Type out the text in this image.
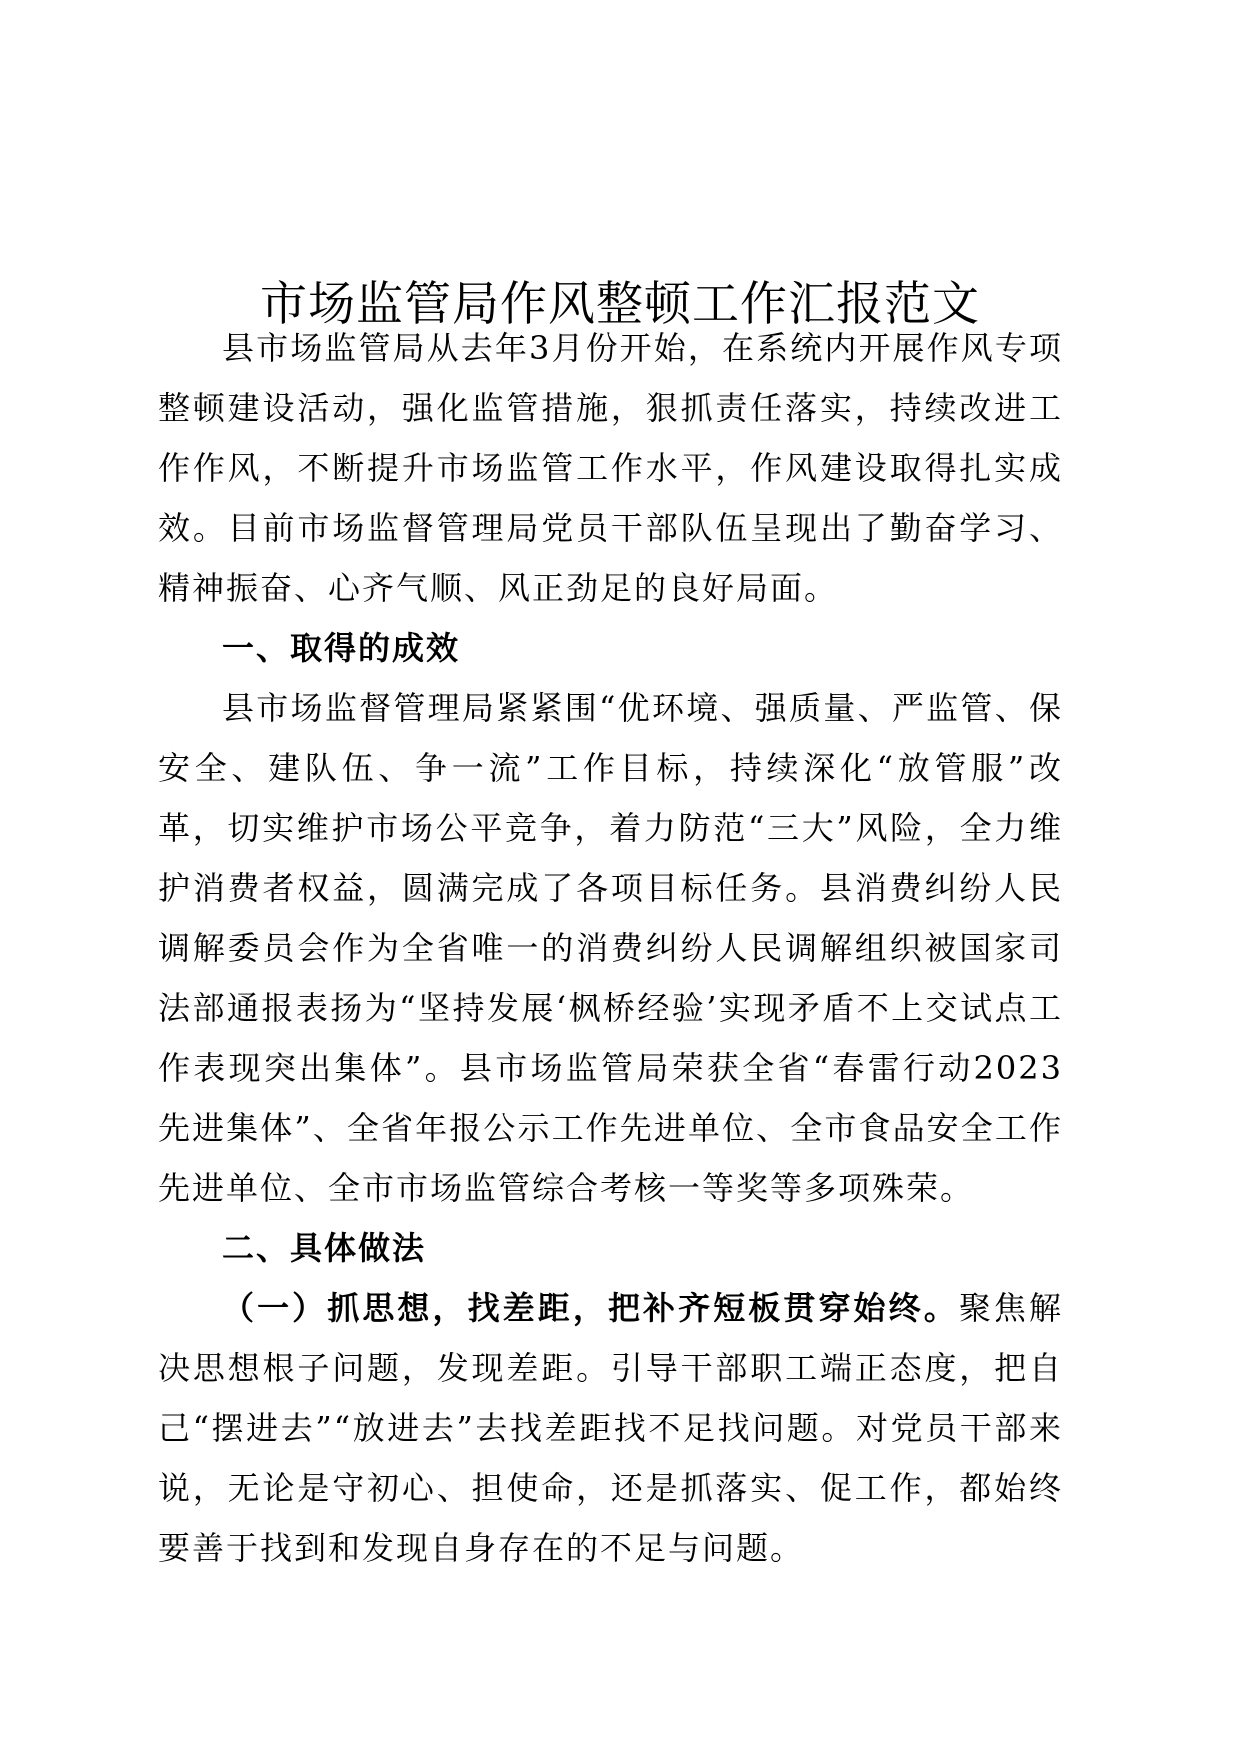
市场监管局作风整顿工作汇报范文

县市场监管局从去年3月份开始，在系统内开展作风专项整顿建设活动，强化监管措施，狠抓责任落实，持续改进工作作风，不断提升市场监管工作水平，作风建设取得扎实成效。目前市场监督管理局党员干部队伍呈现出了勤奋学习、精神振奋、心齐气顺、风正劲足的良好局面。

一、取得的成效

县市场监督管理局紧紧围“优环境、强质量、严监管、保安全、建队伍、争一流”工作目标，持续深化“放管服”改革，切实维护市场公平竞争，着力防范“三大”风险，全力维护消费者权益，圆满完成了各项目标任务。县消费纠纷人民调解委员会作为全省唯一的消费纠纷人民调解组织被国家司法部通报表扬为“坚持发展‘枫桥经验’实现矛盾不上交试点工作表现突出集体”。县市场监管局荣获全省“春雷行动2023先进集体”、全省年报公示工作先进单位、全市食品安全工作先进单位、全市市场监管综合考核一等奖等多项殊荣。

二、具体做法

（一）抓思想，找差距，把补齐短板贯穿始终。聚焦解决思想根子问题，发现差距。引导干部职工端正态度，把自己“摆进去”“放进去”去找差距找不足找问题。对党员干部来说，无论是守初心、担使命，还是抓落实、促工作，都始终要善于找到和发现自身存在的不足与问题。
